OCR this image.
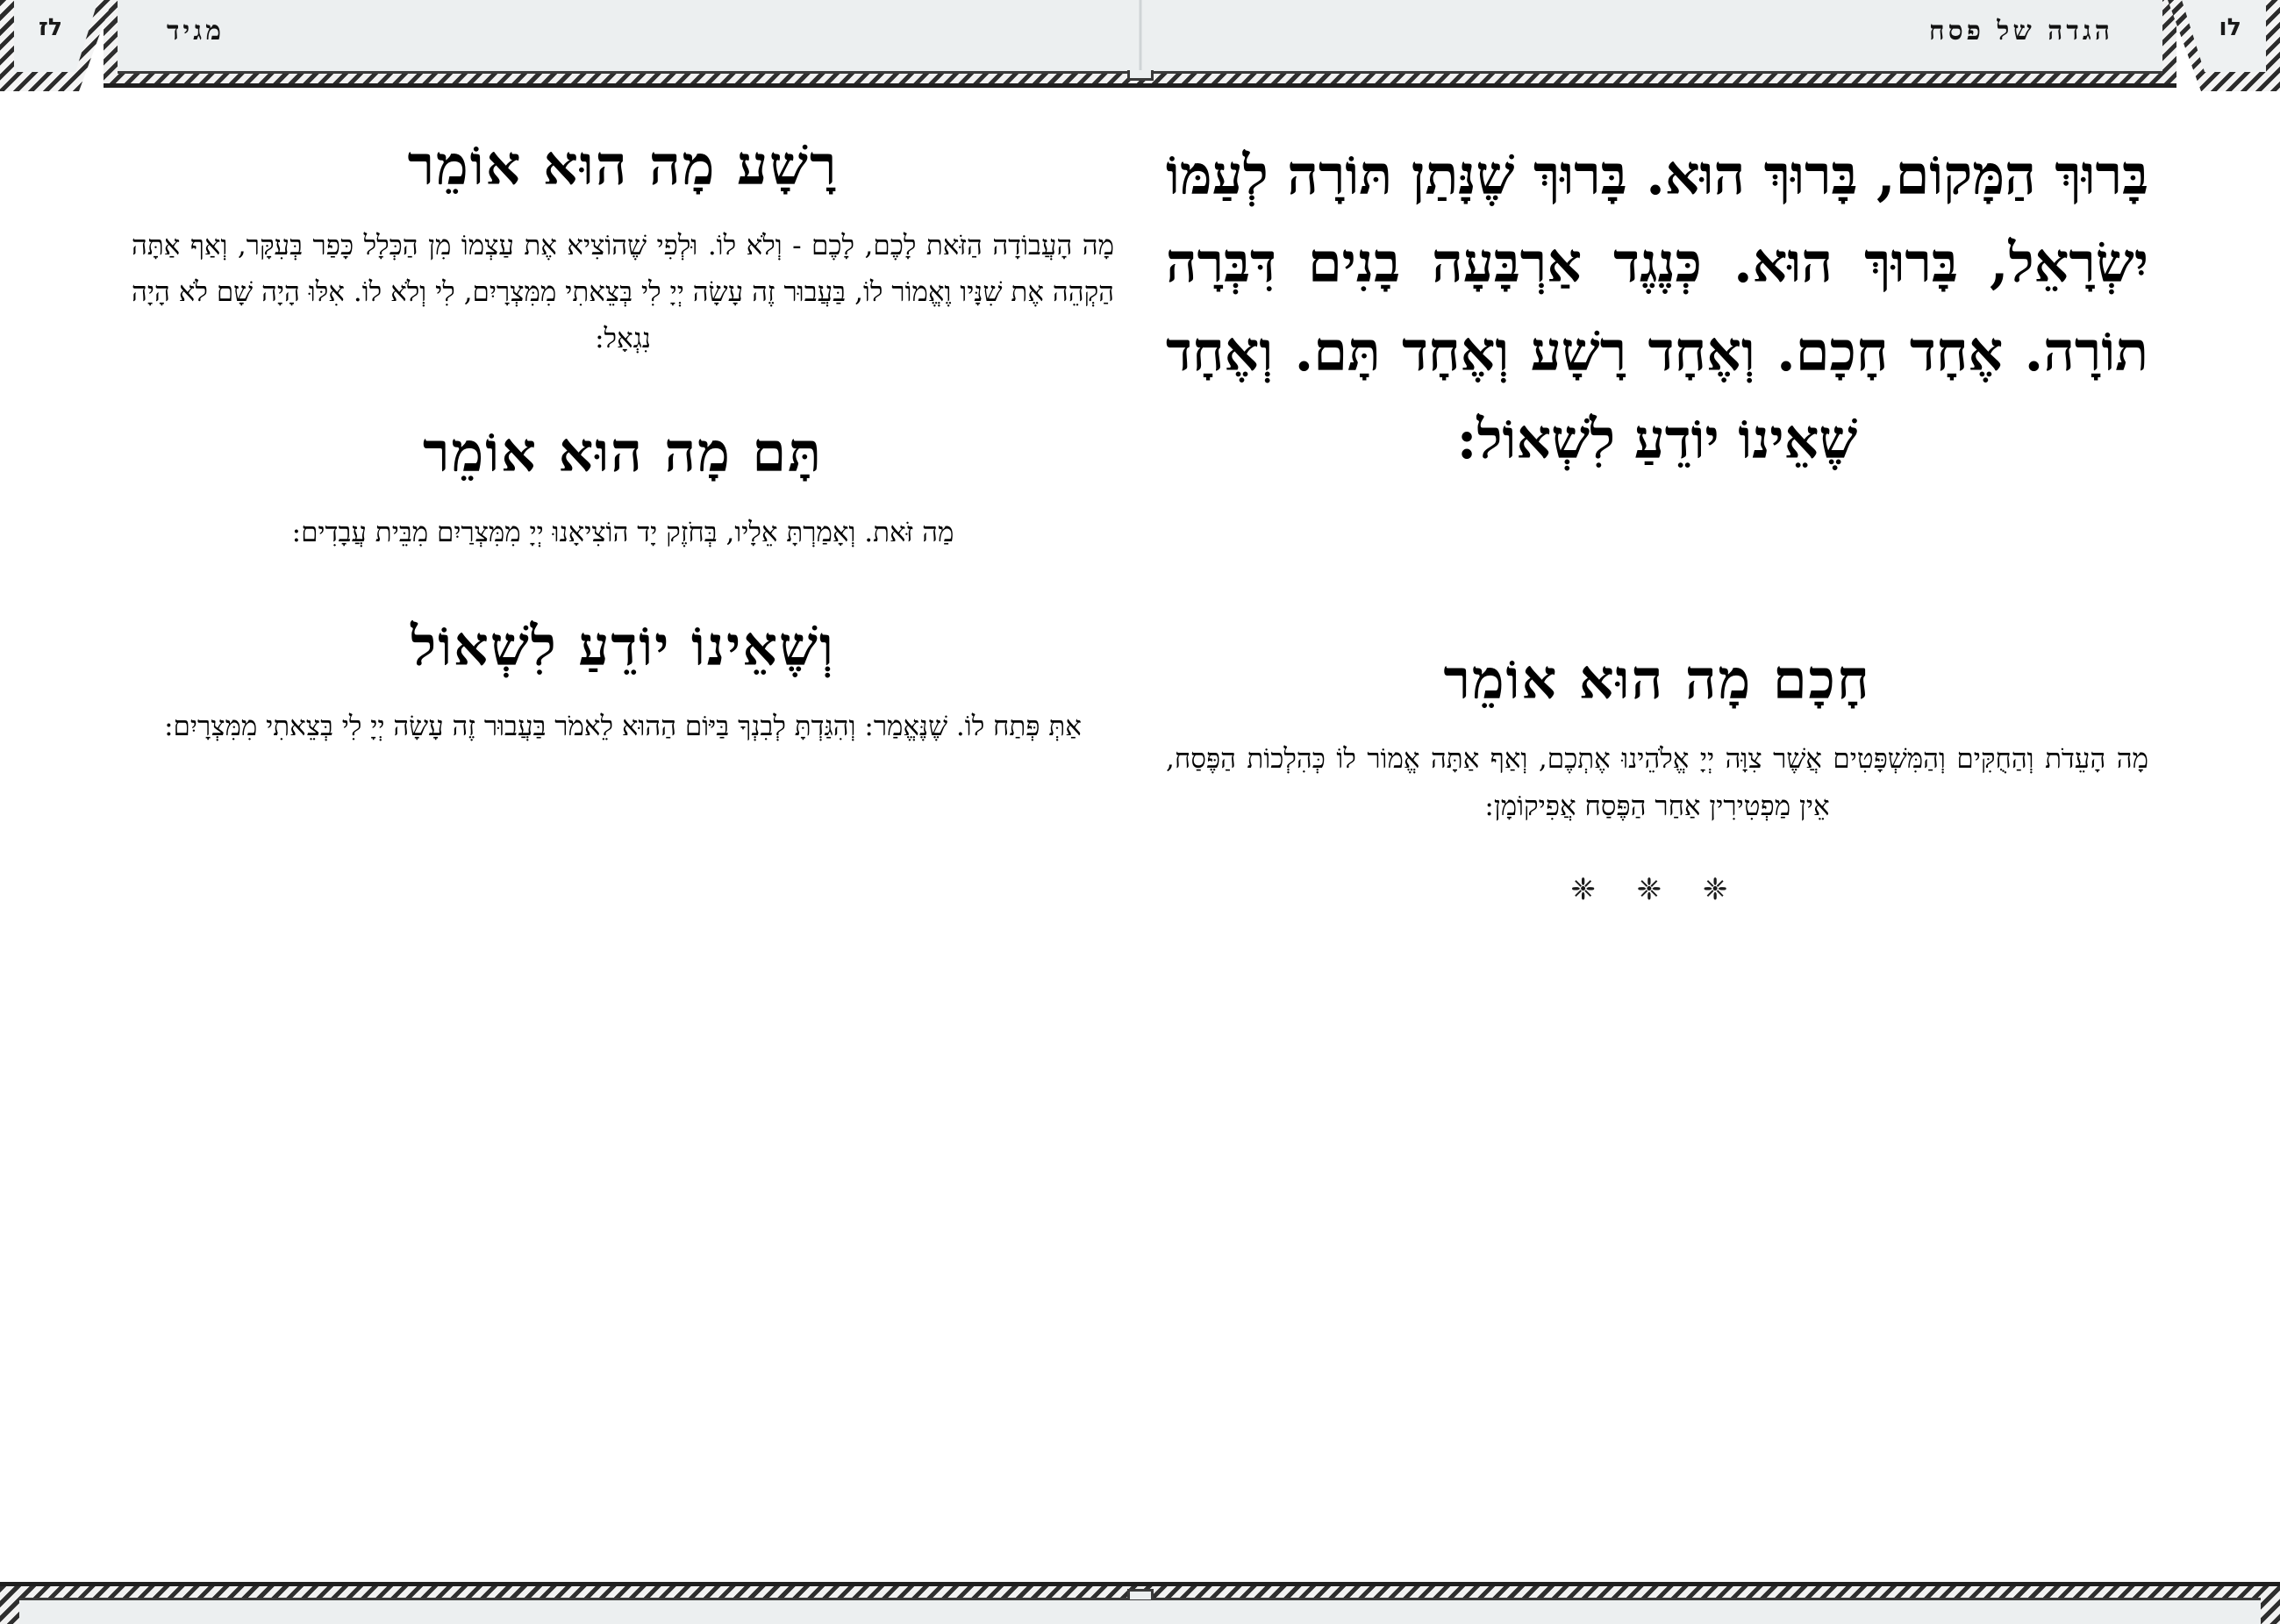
לז	מגיד	לו
הגדה של פסח

בָּרוּךְ הַמָּקוֹם, בָּרוּךְ הוּא. בָּרוּךְ שֶׁנָּתַן תּוֹרָה לְעַמּוֹ יִשְׂרָאֵל, בָּרוּךְ הוּא. כְּנֶגֶד אַרְבָּעָה בָנִים דִּבְּרָה תוֹרָה. אֶחָד חָכָם. וְאֶחָד רָשָׁע וְאֶחָד תָּם. וְאֶחָד שֶׁאֵינוֹ יוֹדֵעַ לִשְׁאוֹל:

חָכָם מָה הוּא אוֹמֵר

מָה הָעֵדֹת וְהַחֻקִּים וְהַמִּשְׁפָּטִים אֲשֶׁר צִוָּה יְיָ אֱלֹהֵינוּ אֶתְכֶם, וְאַף אַתָּה אֱמוֹר לוֹ כְּהִלְכוֹת הַפֶּסַח, אֵין מַפְטִירִין אַחַר הַפֶּסַח אֲפִיקוֹמָן:

❈ ❈ ❈
רָשָׁע מָה הוּא אוֹמֵר

מָה הָעֲבוֹדָה הַזֹּאת לָכֶם, לָכֶם - וְלֹא לוֹ. וּלְפִי שֶׁהוֹצִיא אֶת עַצְמוֹ מִן הַכְּלָל כָּפַר בְּעִקָּר, וְאַף אַתָּה הַקְהֵה אֶת שִׁנָּיו וֶאֱמוֹר לוֹ, בַּעֲבוּר זֶה עָשָׂה יְיָ לִי בְּצֵאתִי מִמִּצְרָיִם, לִי וְלֹא לוֹ. אִלּוּ הָיָה שָׁם לֹא הָיָה נִגְאָל:

תָּם מָה הוּא אוֹמֵר

מַה זֹּאת. וְאָמַרְתָּ אֵלָיו, בְּחֹזֶק יָד הוֹצִיאָנוּ יְיָ מִמִּצְרַיִם מִבֵּית עֲבָדִים:

וְשֶׁאֵינוֹ יוֹדֵעַ לִשְׁאוֹל

אַתְּ פְּתַח לוֹ. שֶׁנֶּאֱמַר: וְהִגַּדְתָּ לְבִנְךָ בַּיּוֹם הַהוּא לֵאמֹר בַּעֲבוּר זֶה עָשָׂה יְיָ לִי בְּצֵאתִי מִמִּצְרָיִם:
